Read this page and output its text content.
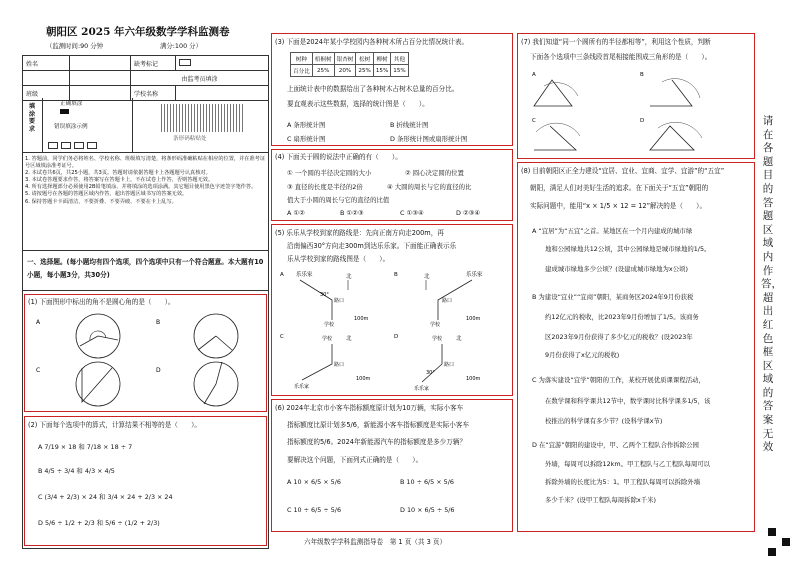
朝阳区 2025 年六年级数学学科监测卷
（监测时间:90 分钟	满分:100 分）
姓名		缺考标记	
		由监考员填涂	
班级		学校名称	
填涂要求
正确填涂
错误填涂示例
条形码粘贴处
1. 答题前，同学们务必将姓名、学校名称、班级填写清楚，将条形码准确粘贴在相应的位置，并在准考证号区域填涂准考证号。
2. 本试卷共6页，共25小题，共3页。答题时请依据答题卡上各题题号认真核对。
3. 本试卷答题要求作答，将答案写在答题卡上，不在试卷上作答，否则答题无效。
4. 所有选择题部分必须使用2B铅笔填涂，并将填涂的选项涂满。其它题目使用黑色字迹签字笔作答。
5. 请按题号在各题的答题区域内作答，超出答题区域书写的答案无效。
6. 保持答题卡卡面清洁，不要折叠、不要弄破、不要在卡上乱写。
一、选择题。(每小题均有四个选项，四个选项中只有一个符合题意。本大题有10小题，每小题3分，共30分)
(1) 下面图形中标出的角不是圆心角的是（　　）。
A	B
C	D
(2) 下面每个选项中的算式，计算结果不相等的是（　　）。
A 7/19 × 18 和 7/18 × 18 ÷ 7
B 4/5 ÷ 3/4 和 4/3 × 4/5
C (3/4 + 2/3) × 24 和 3/4 × 24 + 2/3 × 24
D 5/6 ÷ 1/2 + 2/3 和 5/6 ÷ (1/2 + 2/3)
(3) 下面是2024年某小学校园内各种树木所占百分比情况统计表。
树种	梧桐树	银杏树	松树	柳树	其他
百分比	25%	20%	25%	15%	15%
上面统计表中的数据给出了各种树木占树木总量的百分比。
要直观表示这些数据，选择的统计图是（　　）。
A 条形统计图	B 折线统计图
C 扇形统计图	D 条形统计图或扇形统计图
(4) 下面关于圆的说法中正确的有（　　）。
① 一个圆的半径决定圆的大小	② 圆心决定圆的位置
③ 直径的长度是半径的2倍	④ 大圆的周长与它的直径的比
值大于小圆的周长与它的直径的比值
A ①②	B ①②③	C ①③④	D ②③④
(5) 乐乐从学校到家的路线是：先向正南方向走200m，再
沿南偏西30°方向走300m到达乐乐家。下面能正确表示乐
乐从学校到家的路线图是（　　）。
A 乐乐家	北
30°
路口
学校
100m
B	北	乐乐家
路口
学校
100m
C	学校	北
路口
乐乐家
100m
D	学校	北
30°
路口
乐乐家
100m
(6) 2024年北京市小客车指标额度原计划为10万辆，实际小客车
指标额度比原计划多5/6，新能源小客车指标额度是实际小客车
指标额度的5/6。2024年新能源汽车的指标额度是多少万辆？
要解决这个问题，下面列式正确的是（　　）。
A 10 × 6/5 × 5/6	B 10 ÷ 6/5 × 5/6
C 10 ÷ 6/5 ÷ 5/6	D 10 × 6/5 ÷ 5/6
(7) 我们知道“同一个圆所有的半径都相等”，利用这个性质，判断
下面各个选项中三条线段首尾相接能围成三角形的是（　　）。
A	B
C	D
(8) 目前朝阳区正全力建设“宜居、宜业、宜商、宜学、宜游”的“五宜”
朝阳，满足人们对美好生活的追求。在下面关于“五宜”朝阳的
实际问题中，能用“x × 1/5 × 12 = 12”解决的是（　　）。
A “宜居”为“五宜”之首。某地区在一个月内建成的城市绿
地和公园绿地共12公顷，其中公园绿地是城市绿地的1/5。
建成城市绿地多少公顷？(设建成城市绿地为x公顷)
B 为建设“宜业”“宜商”朝阳，某商务区2024年9月份获税
约12亿元的税收，比2023年9月份增加了1/5。该商务
区2023年9月份获得了多少亿元的税收？(设2023年
9月份获得了x亿元的税收)
C 为落实建设“宜学”朝阳的工作，某校开展优质课课程活动，
在数学课和科学课共12节中，数学课时比科学课多1/5，该
校推出的科学课有多少节？(设科学课x节)
D 在“宜游”朝阳的建设中，甲、乙两个工程队合作拆除公园
外墙，每周可以拆除12km。甲工程队与乙工程队每周可以
拆除外墙的长度比为5：1。甲工程队每周可以拆除外墙
多少千米？(设甲工程队每周拆除x千米)
请在各题目的答题区域内作答，超出红色框区域的答案无效
六年级数学学科监测指导卷　第 1 页（共 3 页）
